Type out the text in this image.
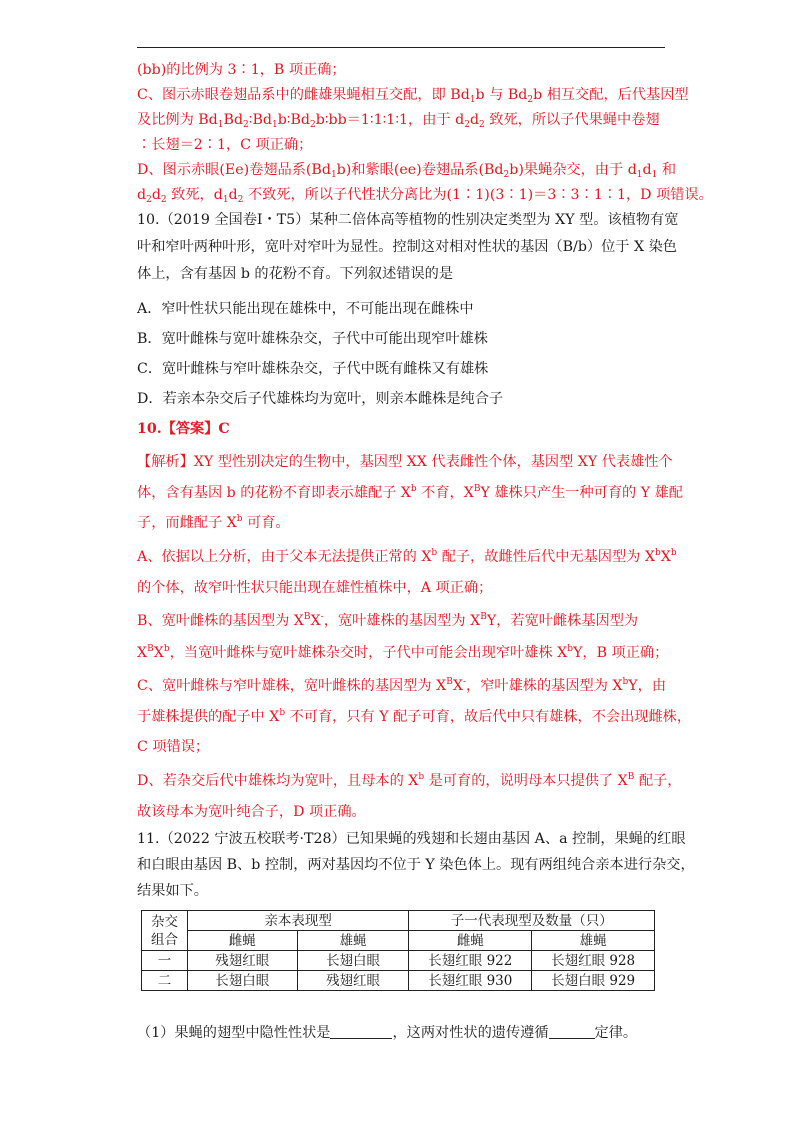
(bb)的比例为 3∶1，B 项正确；
C、图示赤眼卷翅品系中的雌雄果蝇相互交配，即 $Bd_1b$ 与 $Bd_2b$ 相互交配，后代基因型
及比例为 $Bd_1Bd_2∶Bd_1b∶Bd_2b∶bb=1∶1∶1∶1$，由于 $d_2d_2$ 致死，所以子代果蝇中卷翅
∶长翅＝2∶1，C 项正确；
D、图示赤眼(Ee)卷翅品系$(Bd_1b)$和紫眼(ee)卷翅品系$(Bd_2b)$果蝇杂交，由于 $d_1d_1$ 和
$d_2d_2$ 致死，$d_1d_2$ 不致死，所以子代性状分离比为(1∶1)(3∶1)＝3∶3∶1∶1，D 项错误。
10.（2019 全国卷Ⅰ・T5）某种二倍体高等植物的性别决定类型为 XY 型。该植物有宽
叶和窄叶两种叶形，宽叶对窄叶为显性。控制这对相对性状的基因（B/b）位于 X 染色
体上，含有基因 b 的花粉不育。下列叙述错误的是
A．窄叶性状只能出现在雄株中，不可能出现在雌株中
B．宽叶雌株与宽叶雄株杂交，子代中可能出现窄叶雄株
C．宽叶雌株与窄叶雄株杂交，子代中既有雌株又有雄株
D．若亲本杂交后子代雄株均为宽叶，则亲本雌株是纯合子
10.【答案】C
【解析】XY 型性别决定的生物中，基因型 XX 代表雌性个体，基因型 XY 代表雄性个
体，含有基因 b 的花粉不育即表示雄配子 $X^b$ 不育，$X^BY$ 雄株只产生一种可育的 Y 雄配
子，而雌配子 $X^b$ 可育。
A、依据以上分析，由于父本无法提供正常的 $X^b$ 配子，故雌性后代中无基因型为 $X^bX^b$
的个体，故窄叶性状只能出现在雄性植株中，A 项正确；
B、宽叶雌株的基因型为 $X^BX^-$，宽叶雄株的基因型为 $X^BY$，若宽叶雌株基因型为
$X^BX^b$，当宽叶雌株与宽叶雄株杂交时，子代中可能会出现窄叶雄株 $X^bY$，B 项正确；
C、宽叶雌株与窄叶雄株，宽叶雌株的基因型为 $X^BX^-$，窄叶雄株的基因型为 $X^bY$，由
于雄株提供的配子中 $X^b$ 不可育，只有 Y 配子可育，故后代中只有雄株，不会出现雌株，
C 项错误；
D、若杂交后代中雄株均为宽叶，且母本的 $X^b$ 是可育的，说明母本只提供了 $X^B$ 配子，
故该母本为宽叶纯合子，D 项正确。
11.（2022 宁波五校联考·T28）已知果蝇的残翅和长翅由基因 A、a 控制，果蝇的红眼
和白眼由基因 B、b 控制，两对基因均不位于 Y 染色体上。现有两组纯合亲本进行杂交，
结果如下。
杂交
组合	亲本表现型		子一代表现型及数量（只）	
	雌蝇	雄蝇	雌蝇	雄蝇
一	残翅红眼	长翅白眼	长翅红眼 922	长翅红眼 928
二	长翅白眼	残翅红眼	长翅红眼 930	长翅白眼 929
（1）果蝇的翅型中隐性性状是	，这两对性状的遗传遵循	定律。
